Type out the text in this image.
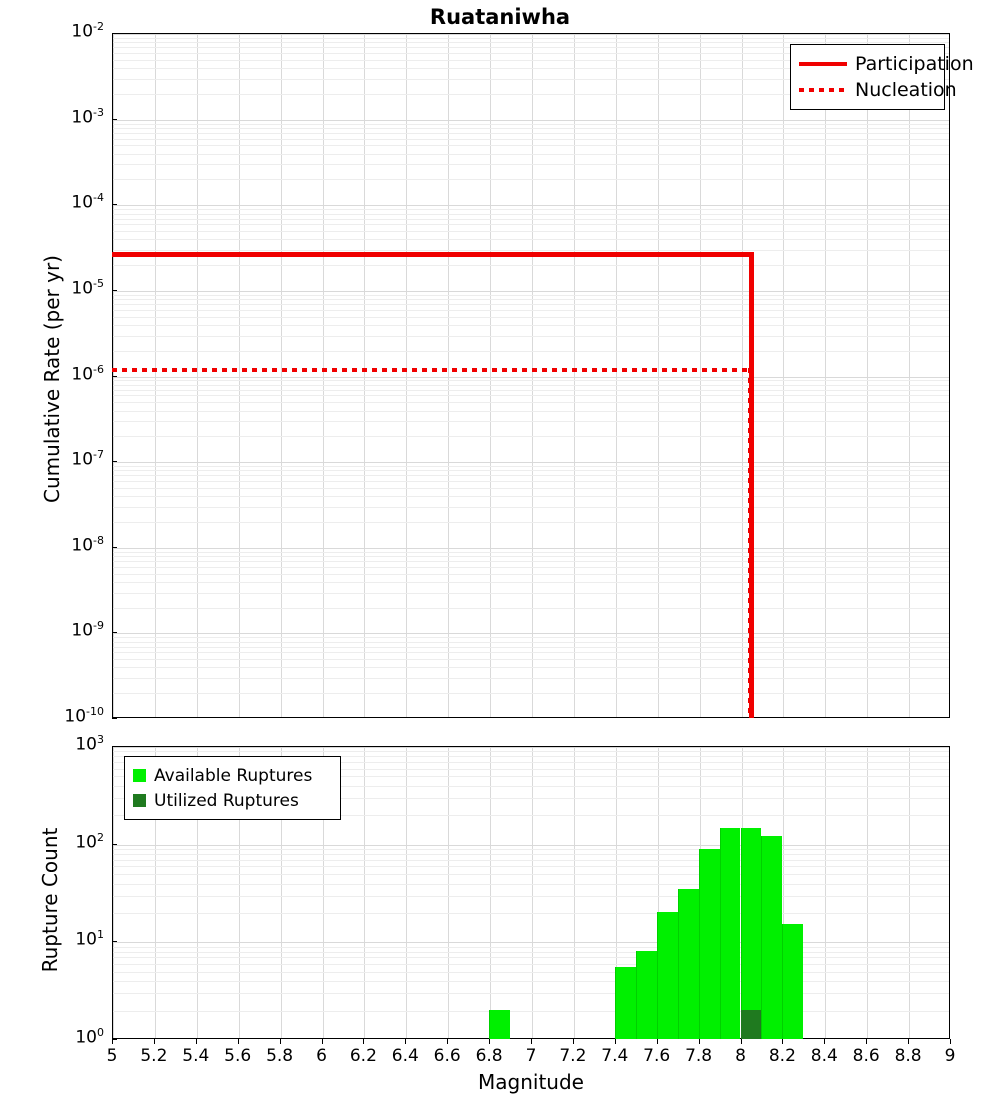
Ruataniwha
Cumulative Rate (per yr)
Rupture Count
Magnitude
$10^{-2}$
$10^{-3}$
$10^{-4}$
$10^{-5}$
$10^{-6}$
$10^{-7}$
$10^{-8}$
$10^{-9}$
$10^{-10}$
$10^3$
$10^2$
$10^1$
$10^0$
5	5.2 5.4 5.6 5.8	6	6.2 6.4 6.6 6.8	7	7.2 7.4 7.6 7.8	8	8.2 8.4 8.6 8.8	9
Participation
Nucleation
Available Ruptures
Utilized Ruptures
